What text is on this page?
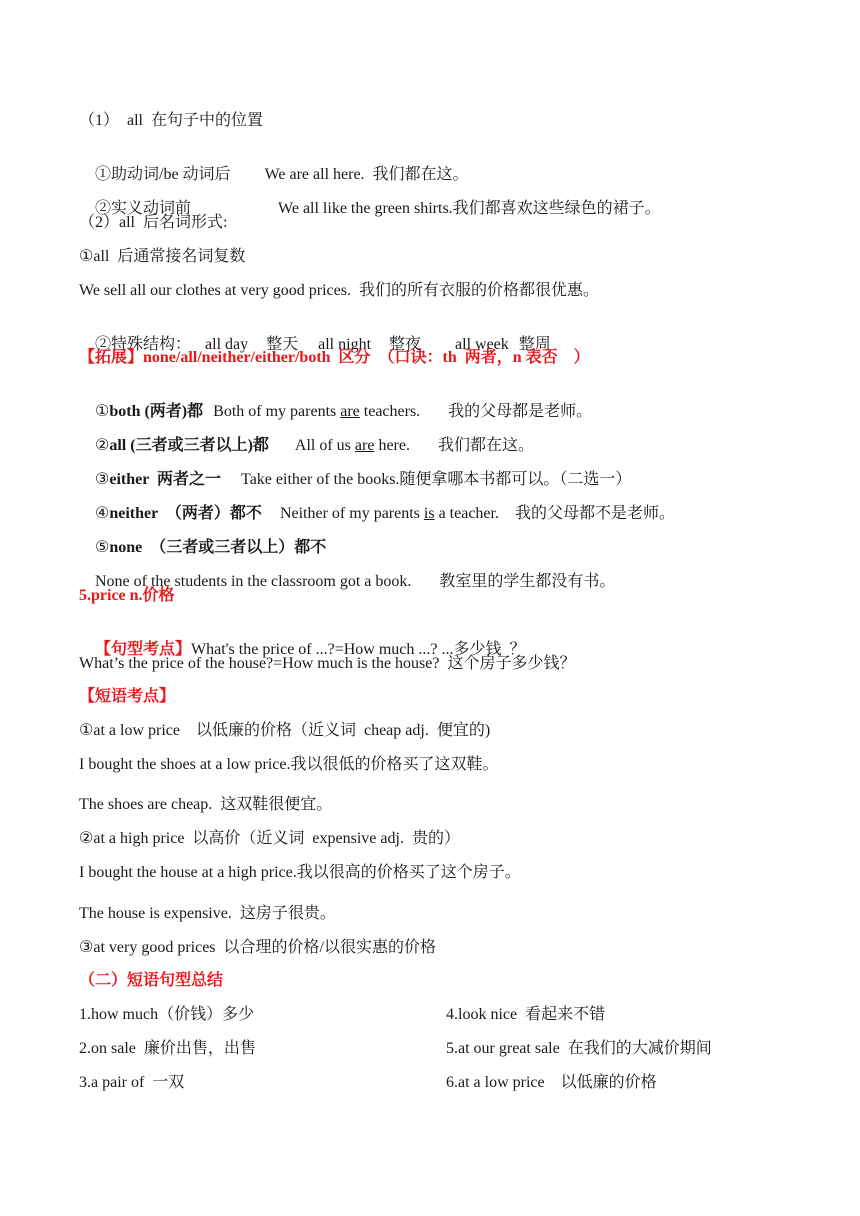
（1）  all  在句子中的位置

①助动词/be 动词后 We are all here.  我们都在这。

②实义动词前	We all like the green shirts.我们都喜欢这些绿色的裙子。

（2）all  后名词形式:
①all  后通常接名词复数
We sell all our clothes at very good prices.  我们的所有衣服的价格都很优惠。

②特殊结构： all day 整天 all night 整夜 all week 整周

【拓展】none/all/neither/either/both  区分  （口诀：th  两者，n 表否    ）

①both (两者)都 Both of my parents are teachers. 我的父母都是老师。

②all (三者或三者以上)都 All of us are here. 我们都在这。

③either  两者之一 Take either of the books.随便拿哪本书都可以。（二选一）

④neither  （两者）都不 Neither of my parents is a teacher. 我的父母都不是老师。

⑤none  （三者或三者以上）都不

None of the students in the classroom got a book. 教室里的学生都没有书。

5.price n.价格

【句型考点】What's the price of ...?=How much ...? ...多少钱  ？

What’s the price of the house?=How much is the house?  这个房子多少钱？
【短语考点】
①at a low price    以低廉的价格（近义词  cheap adj.  便宜的)
I bought the shoes at a low price.我以很低的价格买了这双鞋。
The shoes are cheap.  这双鞋很便宜。
②at a high price  以高价（近义词  expensive adj.  贵的）
I bought the house at a high price.我以很高的价格买了这个房子。
The house is expensive.  这房子很贵。
③at very good prices  以合理的价格/以很实惠的价格
（二）短语句型总结
1.how much（价钱）多少	4.look nice  看起来不错
2.on sale  廉价出售，出售	5.at our great sale  在我们的大减价期间
3.a pair of  一双	6.at a low price    以低廉的价格
